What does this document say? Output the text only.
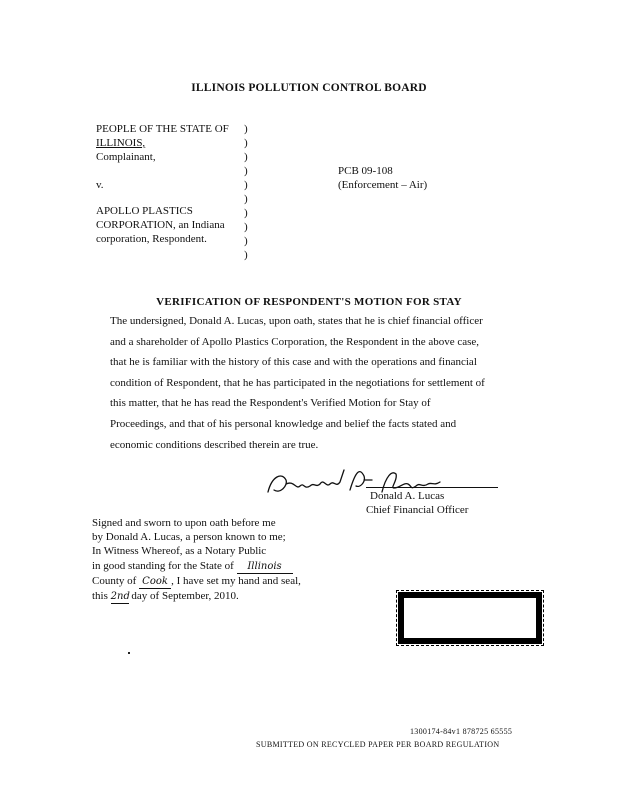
ILLINOIS POLLUTION CONTROL BOARD
PEOPLE OF THE STATE OF
ILLINOIS,
Complainant,
v.
APOLLO PLASTICS
CORPORATION, an Indiana
corporation, Respondent.
)
)
)
)
)
)
)
)
)
)
PCB 09-108
(Enforcement – Air)
VERIFICATION OF RESPONDENT'S MOTION FOR STAY

The undersigned, Donald A. Lucas, upon oath, states that he is chief financial officer

and a shareholder of Apollo Plastics Corporation, the Respondent in the above case,

that he is familiar with the history of this case and with the operations and financial

condition of Respondent, that he has participated in the negotiations for settlement of

this matter, that he has read the Respondent's Verified Motion for Stay of

Proceedings, and that of his personal knowledge and belief the facts stated and

economic conditions described therein are true.

Donald A. Lucas
Chief Financial Officer
Signed and sworn to upon oath before me
by Donald A. Lucas, a person known to me;
In Witness Whereof, as a Notary Public
in good standing for the State of Illinois
County of Cook , I have set my hand and seal,
this 2nd day of September, 2010.
1300174-84v1 878725 65555
SUBMITTED ON RECYCLED PAPER PER BOARD REGULATION
